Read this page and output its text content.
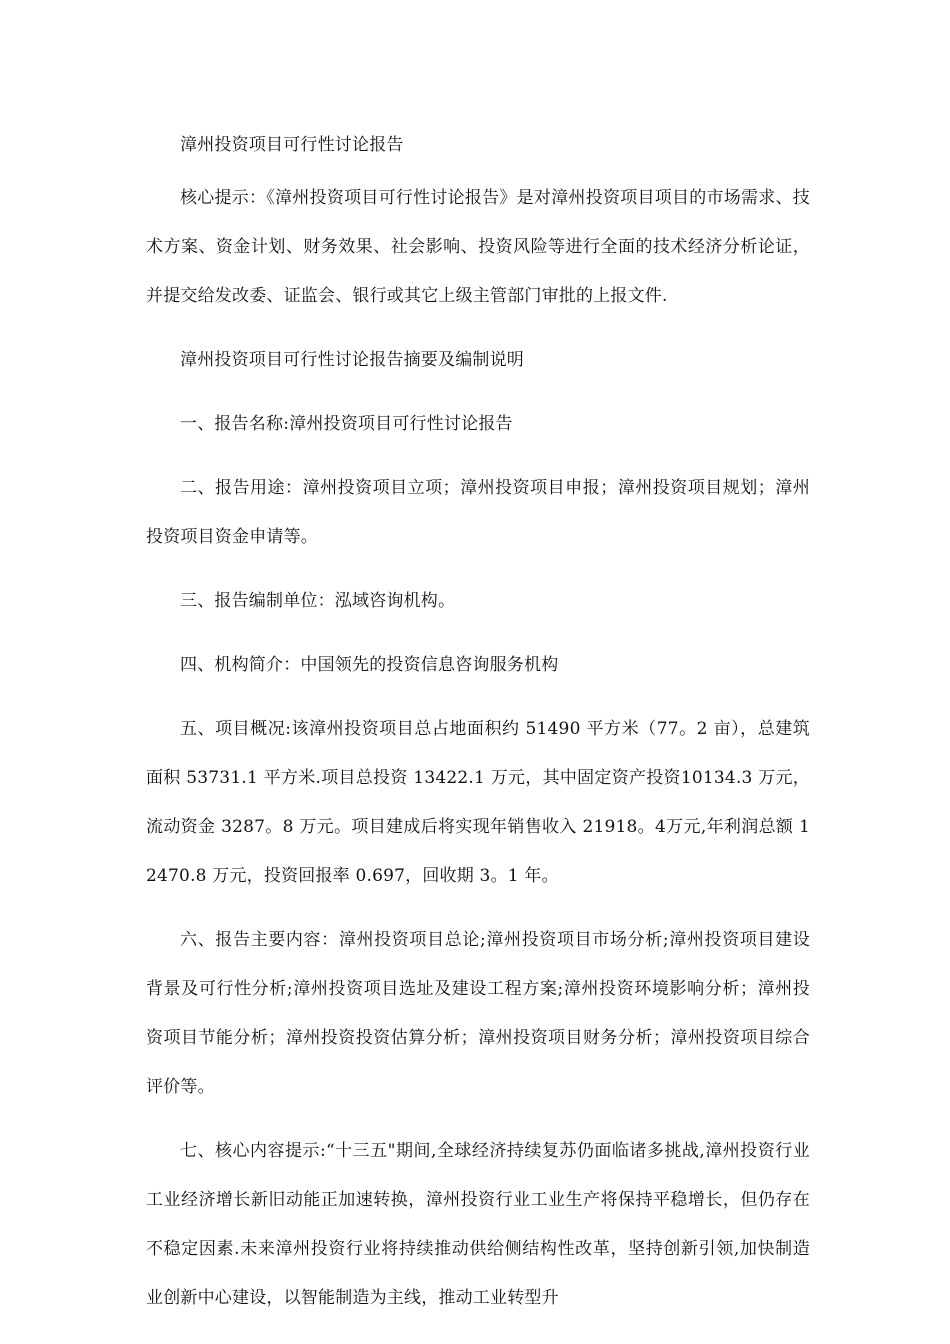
漳州投资项目可行性讨论报告

核心提示：《漳州投资项目可行性讨论报告》是对漳州投资项目项目的市场需求、技术方案、资金计划、财务效果、社会影响、投资风险等进行全面的技术经济分析论证，并提交给发改委、证监会、银行或其它上级主管部门审批的上报文件.

漳州投资项目可行性讨论报告摘要及编制说明

一、报告名称:漳州投资项目可行性讨论报告

二、报告用途：漳州投资项目立项；漳州投资项目申报；漳州投资项目规划；漳州投资项目资金申请等。

三、报告编制单位：泓域咨询机构。

四、机构简介：中国领先的投资信息咨询服务机构

五、项目概况:该漳州投资项目总占地面积约 51490 平方米（77。2 亩），总建筑面积 53731.1 平方米.项目总投资 13422.1 万元，其中固定资产投资10134.3 万元，流动资金 3287。8 万元。项目建成后将实现年销售收入 21918。4万元,年利润总额 12470.8 万元，投资回报率 0.697，回收期 3。1 年。

六、报告主要内容：漳州投资项目总论;漳州投资项目市场分析;漳州投资项目建设背景及可行性分析;漳州投资项目选址及建设工程方案;漳州投资环境影响分析；漳州投资项目节能分析；漳州投资投资估算分析；漳州投资项目财务分析；漳州投资项目综合评价等。

七、核心内容提示:“十三五"期间,全球经济持续复苏仍面临诸多挑战,漳州投资行业工业经济增长新旧动能正加速转换，漳州投资行业工业生产将保持平稳增长，但仍存在不稳定因素.未来漳州投资行业将持续推动供给侧结构性改革，坚持创新引领,加快制造业创新中心建设，以智能制造为主线，推动工业转型升
